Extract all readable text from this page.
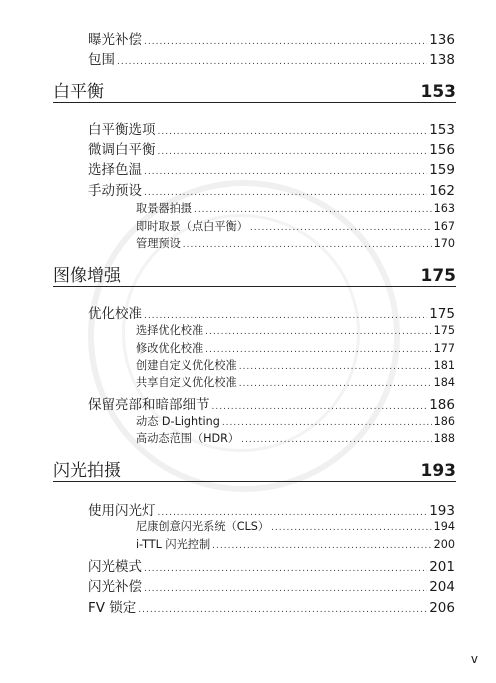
曝光补偿 .....	136
包围 .....	138
白平衡	153
白平衡选项 .....	153
微调白平衡 .....	156
选择色温 .....	159
手动预设 .....	162
取景器拍摄 .....	163
即时取景（点白平衡） .....	167
管理预设 .....	170
图像增强	175
优化校准 .....	175
选择优化校准 .....	175
修改优化校准 .....	177
创建自定义优化校准 .....	181
共享自定义优化校准 .....	184
保留亮部和暗部细节 .....	186
动态 D-Lighting .....	186
高动态范围（HDR） .....	188
闪光拍摄	193
使用闪光灯 .....	193
尼康创意闪光系统（CLS） .....	194
i-TTL 闪光控制 .....	200
闪光模式 .....	201
闪光补偿 .....	204
FV 锁定 .....	206
v
